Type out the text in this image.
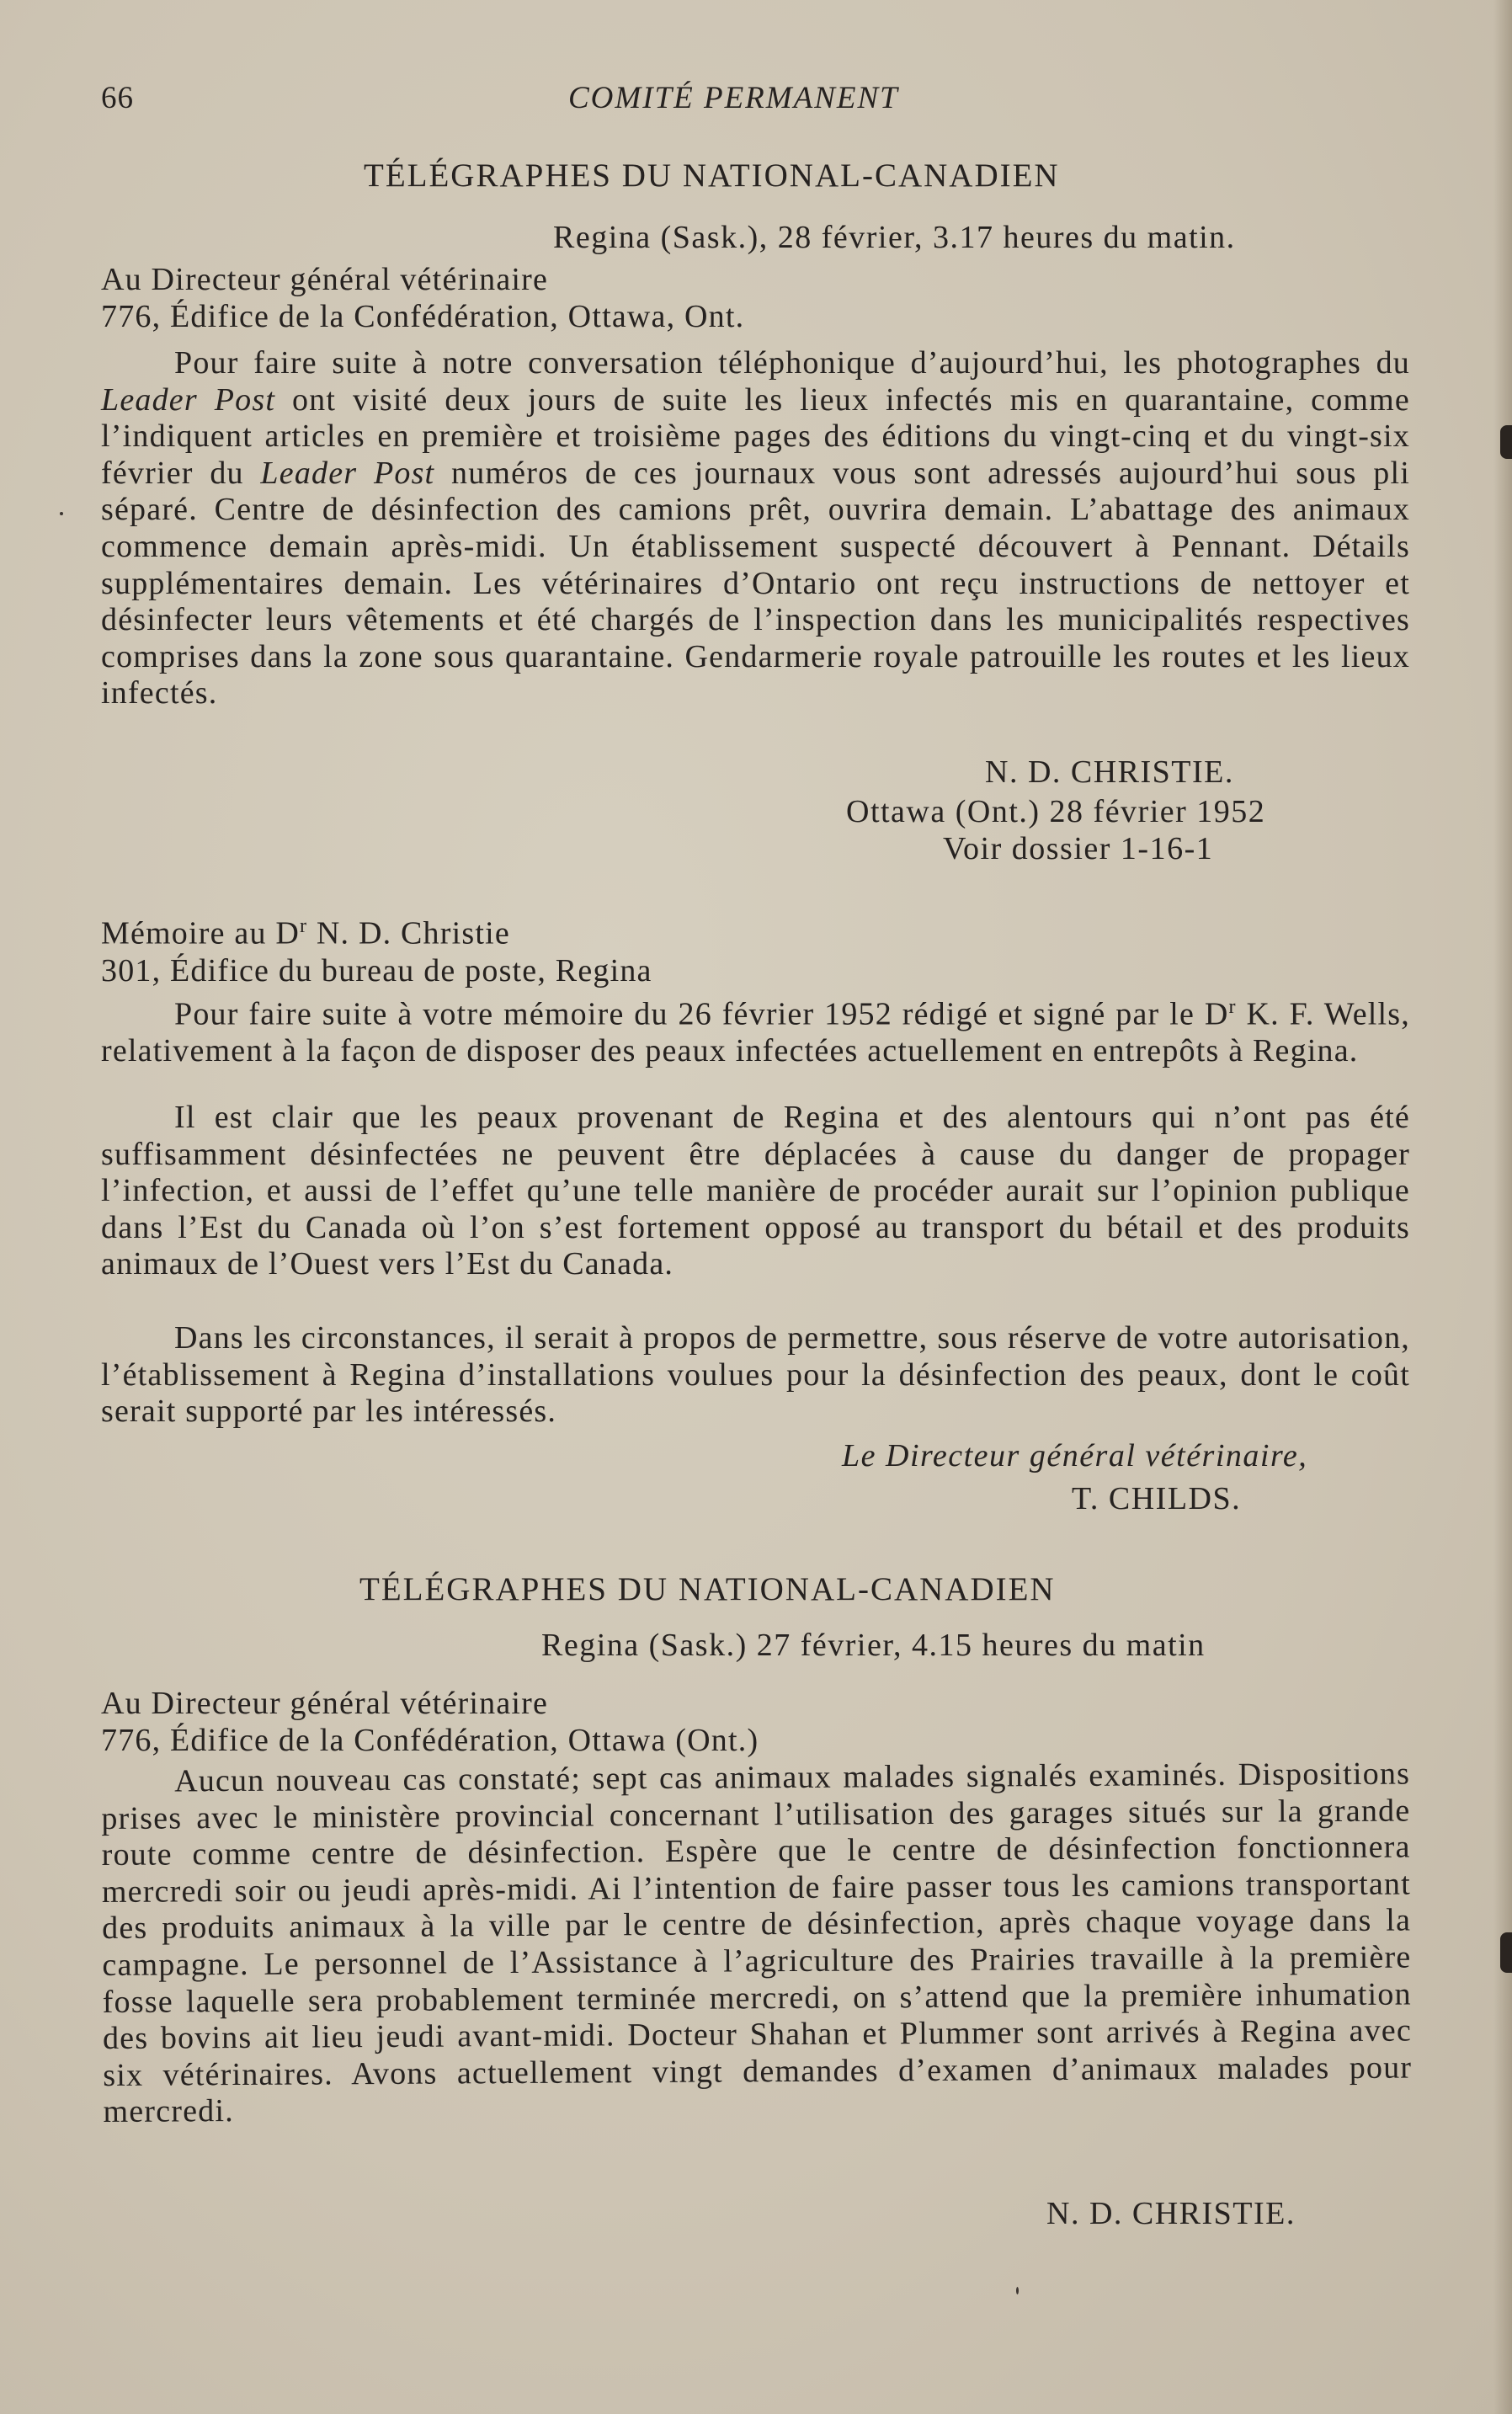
66	COMITÉ PERMANENT
TÉLÉGRAPHES DU NATIONAL-CANADIEN
Regina (Sask.), 28 février, 3.17 heures du matin.
Au Directeur général vétérinaire
776, Édifice de la Confédération, Ottawa, Ont.

Pour faire suite à notre conversation téléphonique d’aujourd’hui, les photographes du Leader Post ont visité deux jours de suite les lieux infectés mis en quarantaine, comme l’indiquent articles en première et troisième pages des éditions du vingt-cinq et du vingt-six février du Leader Post numéros de ces journaux vous sont adressés aujourd’hui sous pli séparé. Centre de désinfection des camions prêt, ouvrira demain. L’abattage des animaux commence demain après-midi. Un établissement suspecté découvert à Pennant. Détails supplémentaires demain. Les vétérinaires d’Ontario ont reçu instructions de nettoyer et désinfecter leurs vêtements et été chargés de l’inspection dans les municipalités respectives comprises dans la zone sous quarantaine. Gendarmerie royale patrouille les routes et les lieux infectés.

N. D. CHRISTIE.
Ottawa (Ont.) 28 février 1952
Voir dossier 1-16-1
Mémoire au $D^r$ N. D. Christie
301, Édifice du bureau de poste, Regina

Pour faire suite à votre mémoire du 26 février 1952 rédigé et signé par le $D^r$ K. F. Wells, relativement à la façon de disposer des peaux infectées actuellement en entrepôts à Regina.

Il est clair que les peaux provenant de Regina et des alentours qui n’ont pas été suffisamment désinfectées ne peuvent être déplacées à cause du danger de propager l’infection, et aussi de l’effet qu’une telle manière de procéder aurait sur l’opinion publique dans l’Est du Canada où l’on s’est fortement opposé au transport du bétail et des produits animaux de l’Ouest vers l’Est du Canada.

Dans les circonstances, il serait à propos de permettre, sous réserve de votre autorisation, l’établissement à Regina d’installations voulues pour la désinfection des peaux, dont le coût serait supporté par les intéressés.

Le Directeur général vétérinaire,
T. CHILDS.
TÉLÉGRAPHES DU NATIONAL-CANADIEN
Regina (Sask.) 27 février, 4.15 heures du matin
Au Directeur général vétérinaire
776, Édifice de la Confédération, Ottawa (Ont.)

Aucun nouveau cas constaté; sept cas animaux malades signalés examinés. Dispositions prises avec le ministère provincial concernant l’utilisation des garages situés sur la grande route comme centre de désinfection. Espère que le centre de désinfection fonctionnera mercredi soir ou jeudi après-midi. Ai l’intention de faire passer tous les camions transportant des produits animaux à la ville par le centre de désinfection, après chaque voyage dans la campagne. Le personnel de l’Assistance à l’agriculture des Prairies travaille à la première fosse laquelle sera probablement terminée mercredi, on s’attend que la première inhumation des bovins ait lieu jeudi avant-midi. Docteur Shahan et Plummer sont arrivés à Regina avec six vétérinaires. Avons actuellement vingt demandes d’examen d’animaux malades pour mercredi.

N. D. CHRISTIE.
